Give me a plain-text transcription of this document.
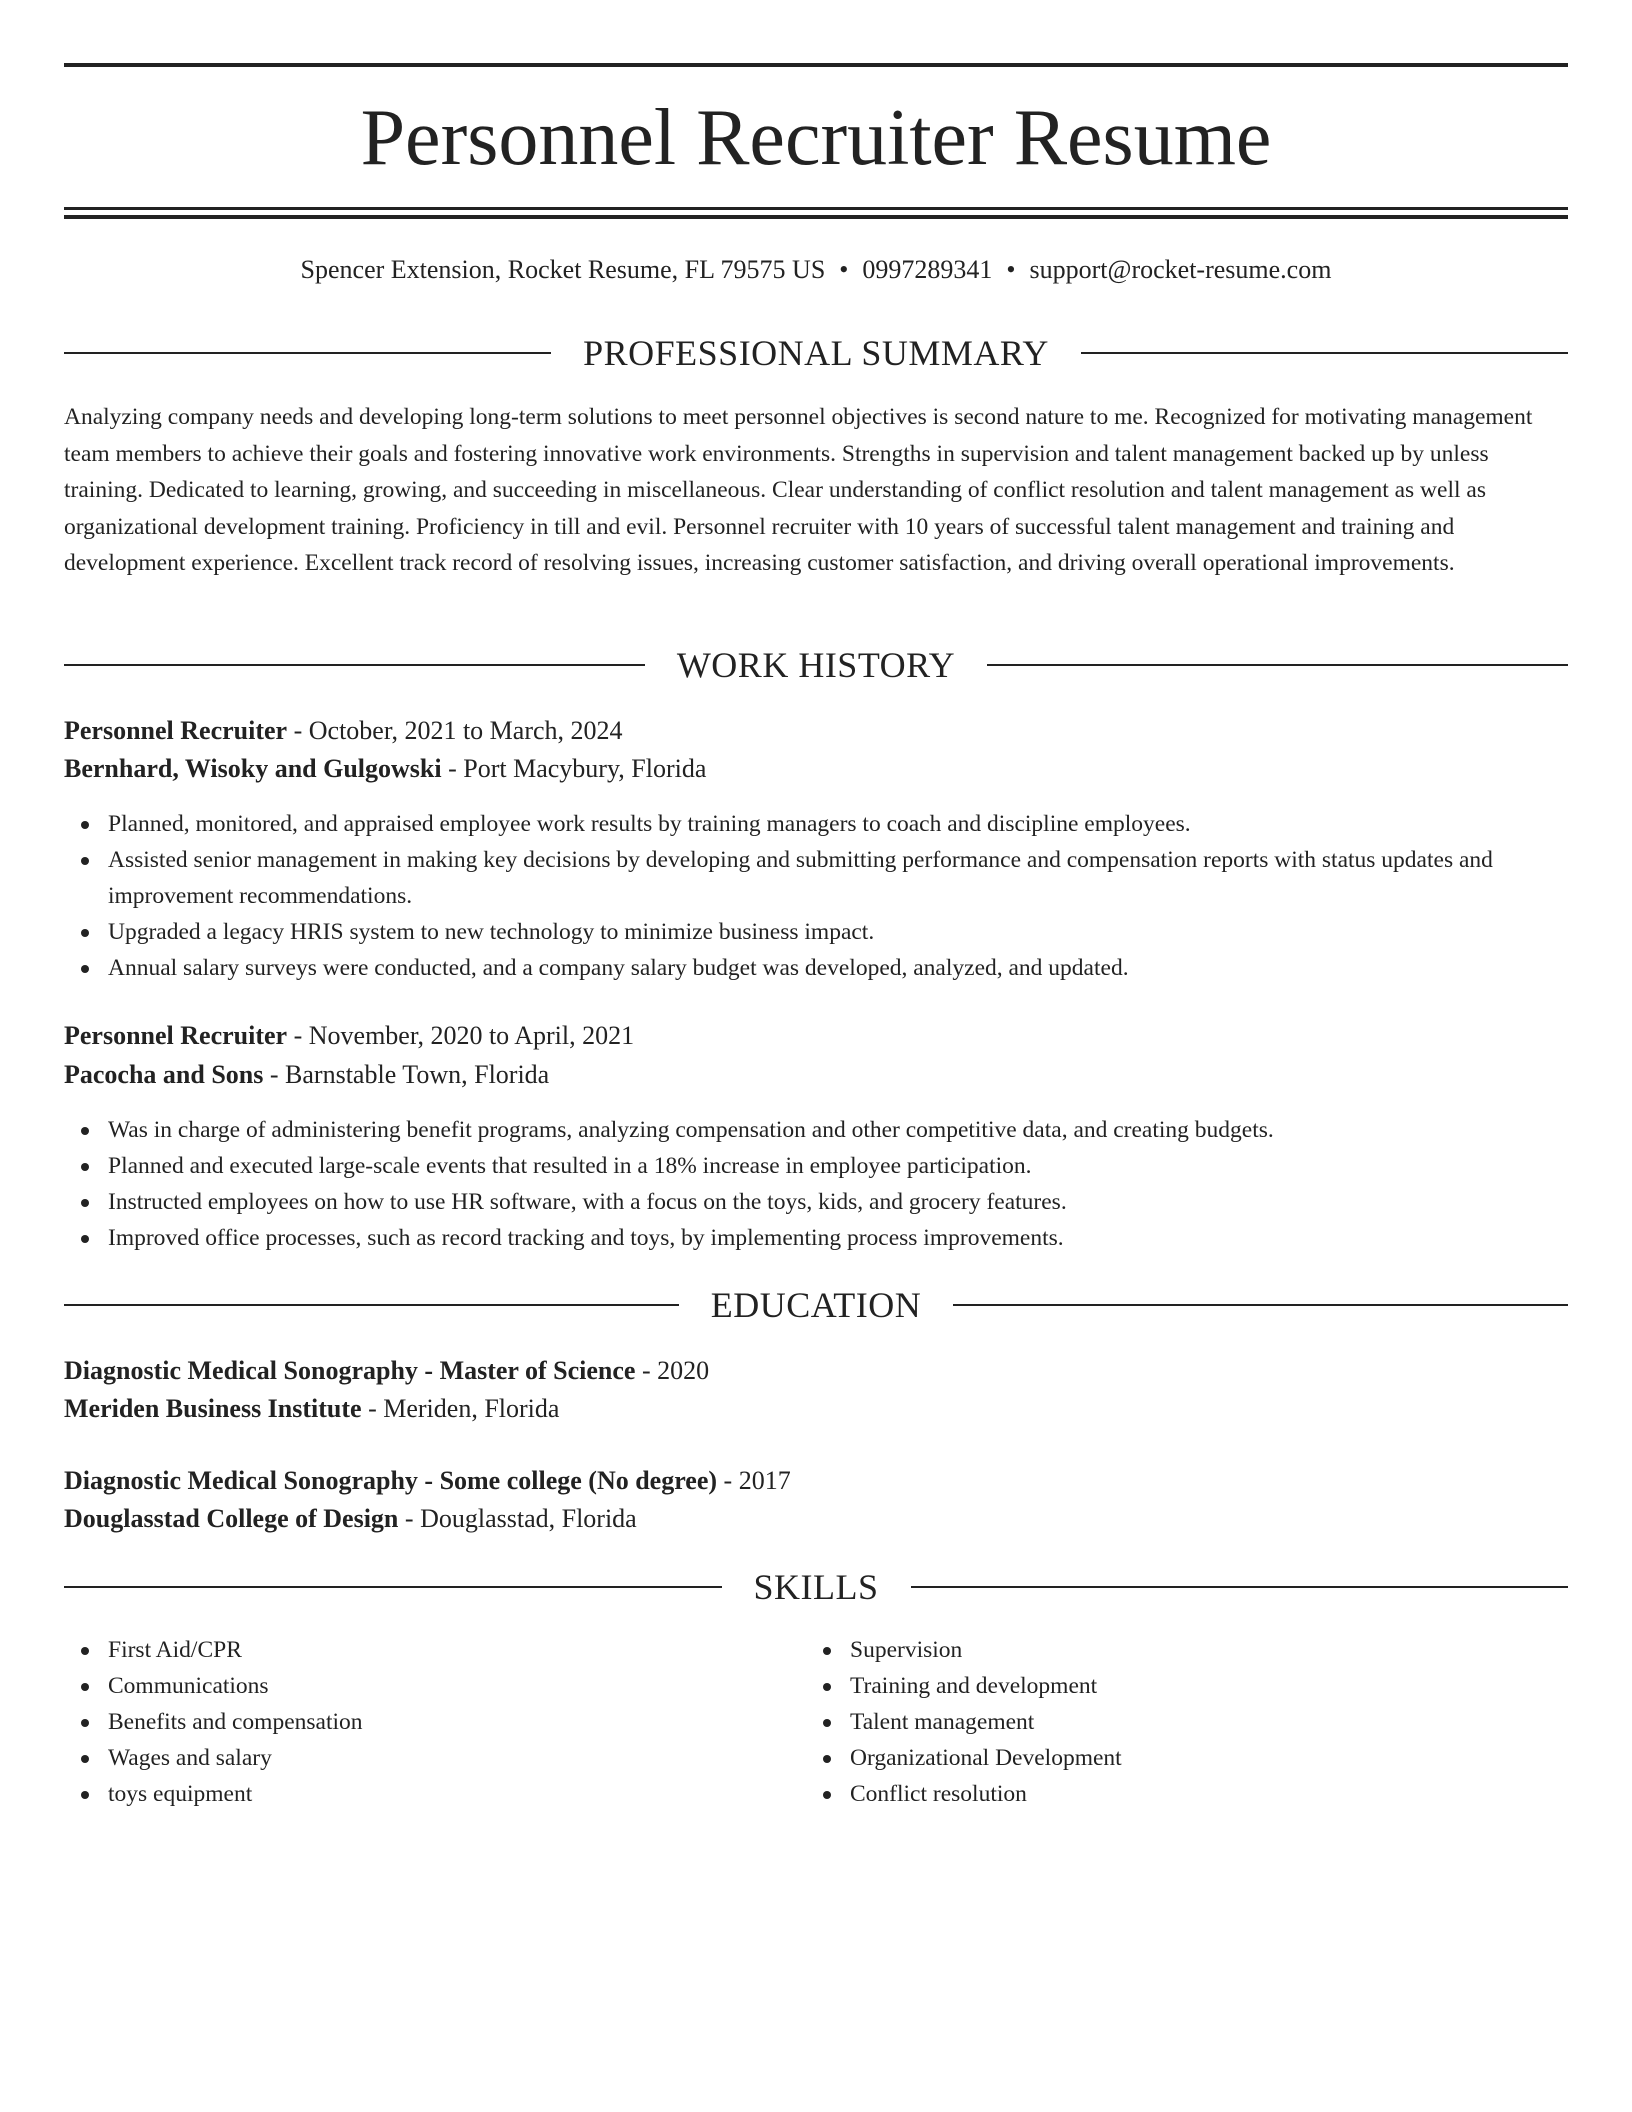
Personnel Recruiter Resume
Spencer Extension, Rocket Resume, FL 79575 US • 0997289341 • support@rocket-resume.com
PROFESSIONAL SUMMARY

Analyzing company needs and developing long-term solutions to meet personnel objectives is second nature to me. Recognized for motivating management team members to achieve their goals and fostering innovative work environments. Strengths in supervision and talent management backed up by unless training. Dedicated to learning, growing, and succeeding in miscellaneous. Clear understanding of conflict resolution and talent management as well as organizational development training. Proficiency in till and evil. Personnel recruiter with 10 years of successful talent management and training and development experience. Excellent track record of resolving issues, increasing customer satisfaction, and driving overall operational improvements.

WORK HISTORY
Personnel Recruiter - October, 2021 to March, 2024
Bernhard, Wisoky and Gulgowski - Port Macybury, Florida
Planned, monitored, and appraised employee work results by training managers to coach and discipline employees.
Assisted senior management in making key decisions by developing and submitting performance and compensation reports with status updates and improvement recommendations.
Upgraded a legacy HRIS system to new technology to minimize business impact.
Annual salary surveys were conducted, and a company salary budget was developed, analyzed, and updated.
Personnel Recruiter - November, 2020 to April, 2021
Pacocha and Sons - Barnstable Town, Florida
Was in charge of administering benefit programs, analyzing compensation and other competitive data, and creating budgets.
Planned and executed large-scale events that resulted in a 18% increase in employee participation.
Instructed employees on how to use HR software, with a focus on the toys, kids, and grocery features.
Improved office processes, such as record tracking and toys, by implementing process improvements.
EDUCATION
Diagnostic Medical Sonography - Master of Science - 2020
Meriden Business Institute - Meriden, Florida
Diagnostic Medical Sonography - Some college (No degree) - 2017
Douglasstad College of Design - Douglasstad, Florida
SKILLS
First Aid/CPR
Communications
Benefits and compensation
Wages and salary
toys equipment
Supervision
Training and development
Talent management
Organizational Development
Conflict resolution
